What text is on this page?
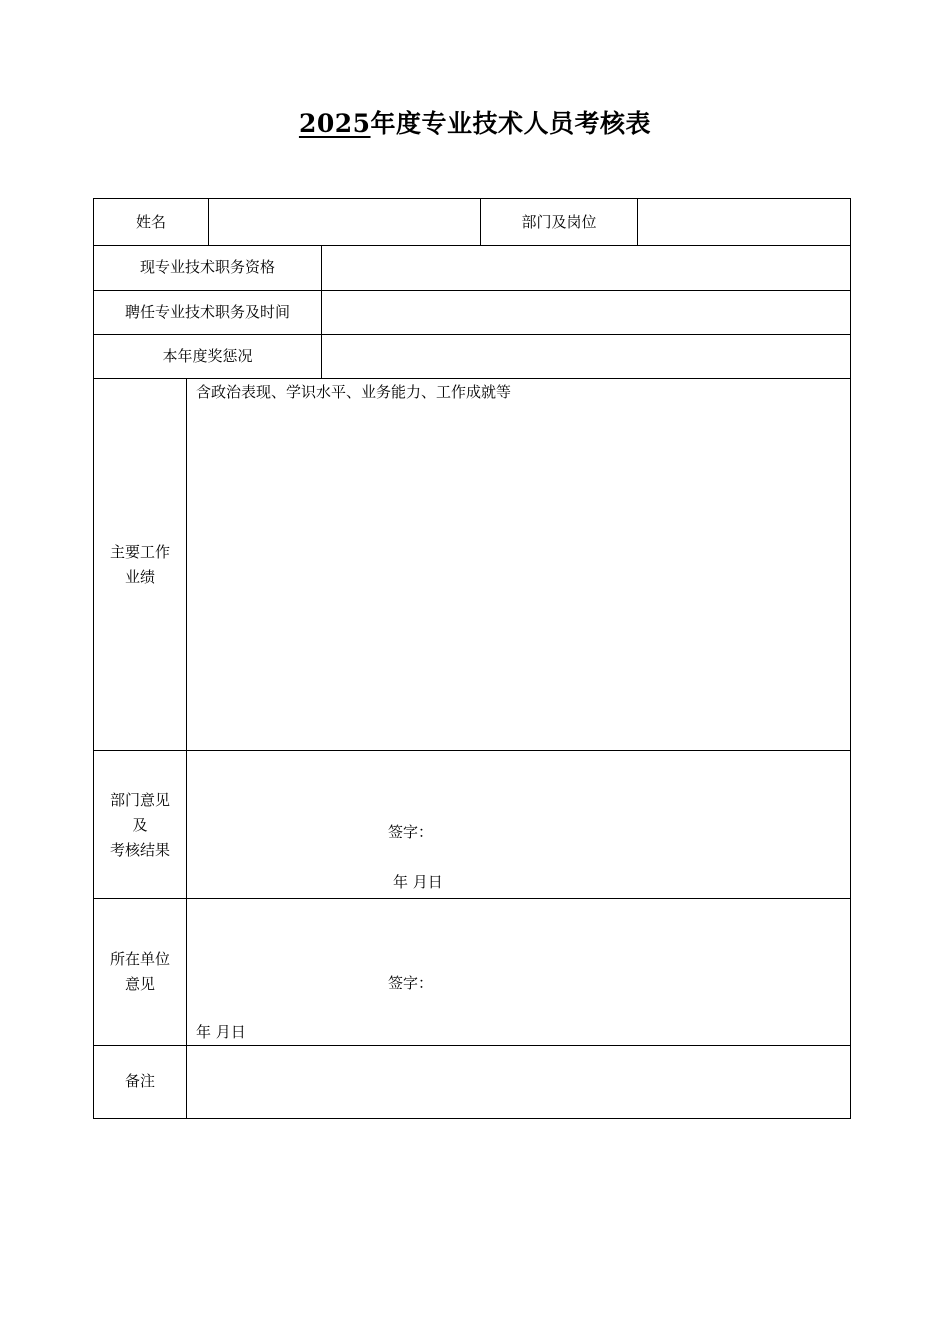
2025年度专业技术人员考核表
姓名	部门及岗位
现专业技术职务资格
聘任专业技术职务及时间
本年度奖惩况
主要工作
业绩
含政治表现、学识水平、业务能力、工作成就等
部门意见
及
考核结果
签字：
年 月日
所在单位
意见	签字：
年 月日
备注
